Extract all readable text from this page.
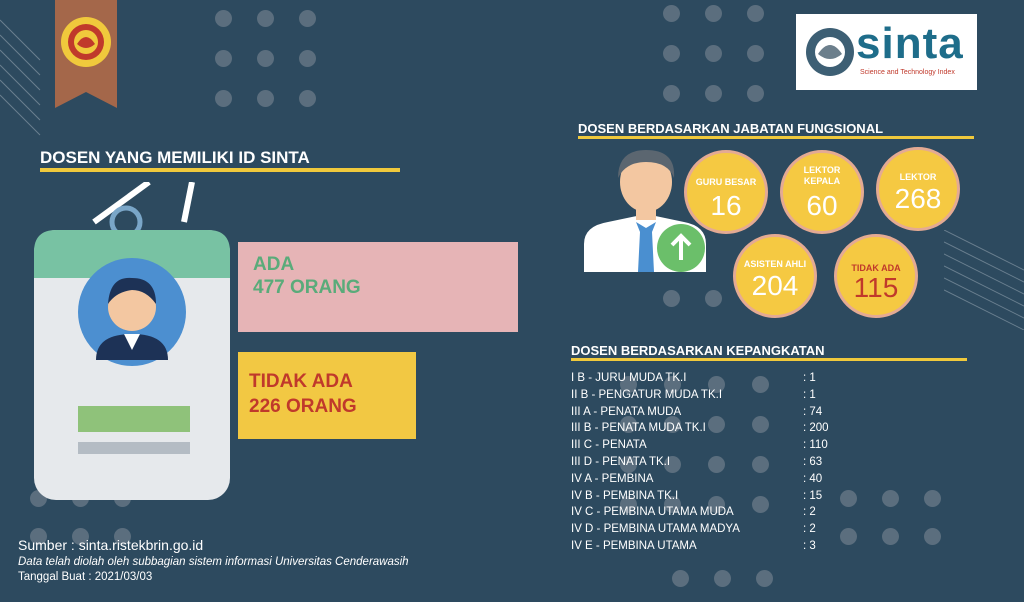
sinta
Science and Technology Index
DOSEN YANG MEMILIKI ID SINTA
ADA
477 ORANG
TIDAK ADA
226 ORANG
DOSEN BERDASARKAN JABATAN FUNGSIONAL
GURU BESAR
16
LEKTOR KEPALA
60
LEKTOR
268
ASISTEN AHLI
204
TIDAK ADA
115
DOSEN BERDASARKAN KEPANGKATAN
I B - JURU MUDA TK.I	: 1
II B - PENGATUR MUDA TK.I	: 1
III A - PENATA MUDA	: 74
III B - PENATA MUDA TK.I	: 200
III C - PENATA	: 110
III D - PENATA TK.I	: 63
IV A - PEMBINA	: 40
IV B - PEMBINA TK.I	: 15
IV C - PEMBINA UTAMA MUDA	: 2
IV D - PEMBINA UTAMA MADYA	: 2
IV E - PEMBINA UTAMA	: 3
Sumber : sinta.ristekbrin.go.id
Data telah diolah oleh subbagian sistem informasi Universitas Cenderawasih
Tanggal Buat : 2021/03/03
